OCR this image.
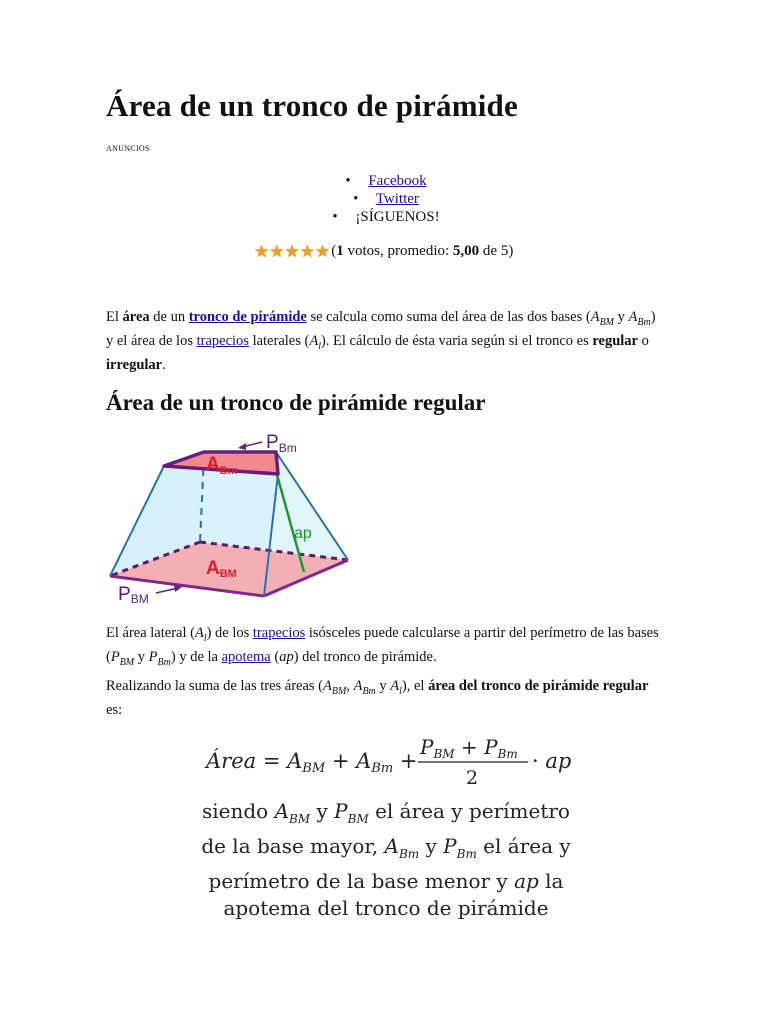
Área de un tronco de pirámide
ANUNCIOS
• Facebook
• Twitter
• ¡SÍGUENOS!
★ ★ ★ ★ ★ (1 votos, promedio: 5,00 de 5)

El área de un tronco de pirámide se calcula como suma del área de las dos bases ($A_{BM}$ y $A_{Bm}$) y el área de los trapecios laterales $(A_l)$. El cálculo de ésta varia según si el tronco es regular o irregular.

Área de un tronco de pirámide regular
$P_{Bm}$
$A_{Bm}$
ap
ABM
PBM

El área lateral $(A_l)$ de los trapecios isósceles puede calcularse a partir del perímetro de las bases ($P_{BM}$ y $P_{Bm}$) y de la apotema (ap) del tronco de pirámide.

Realizando la suma de las tres áreas ($A_{BM}$, $A_{Bm}$ y $A_l$), el área del tronco de pirámide regular es:

Área = ABM + ABm +
$P_{BM} + P_{Bm}$
2
· ap
siendo $A_{BM}$ y $P_{BM}$ el área y perímetro
de la base mayor, $A_{Bm}$ y $P_{Bm}$ el área y
perímetro de la base menor y ap la
apotema del tronco de pirámide
